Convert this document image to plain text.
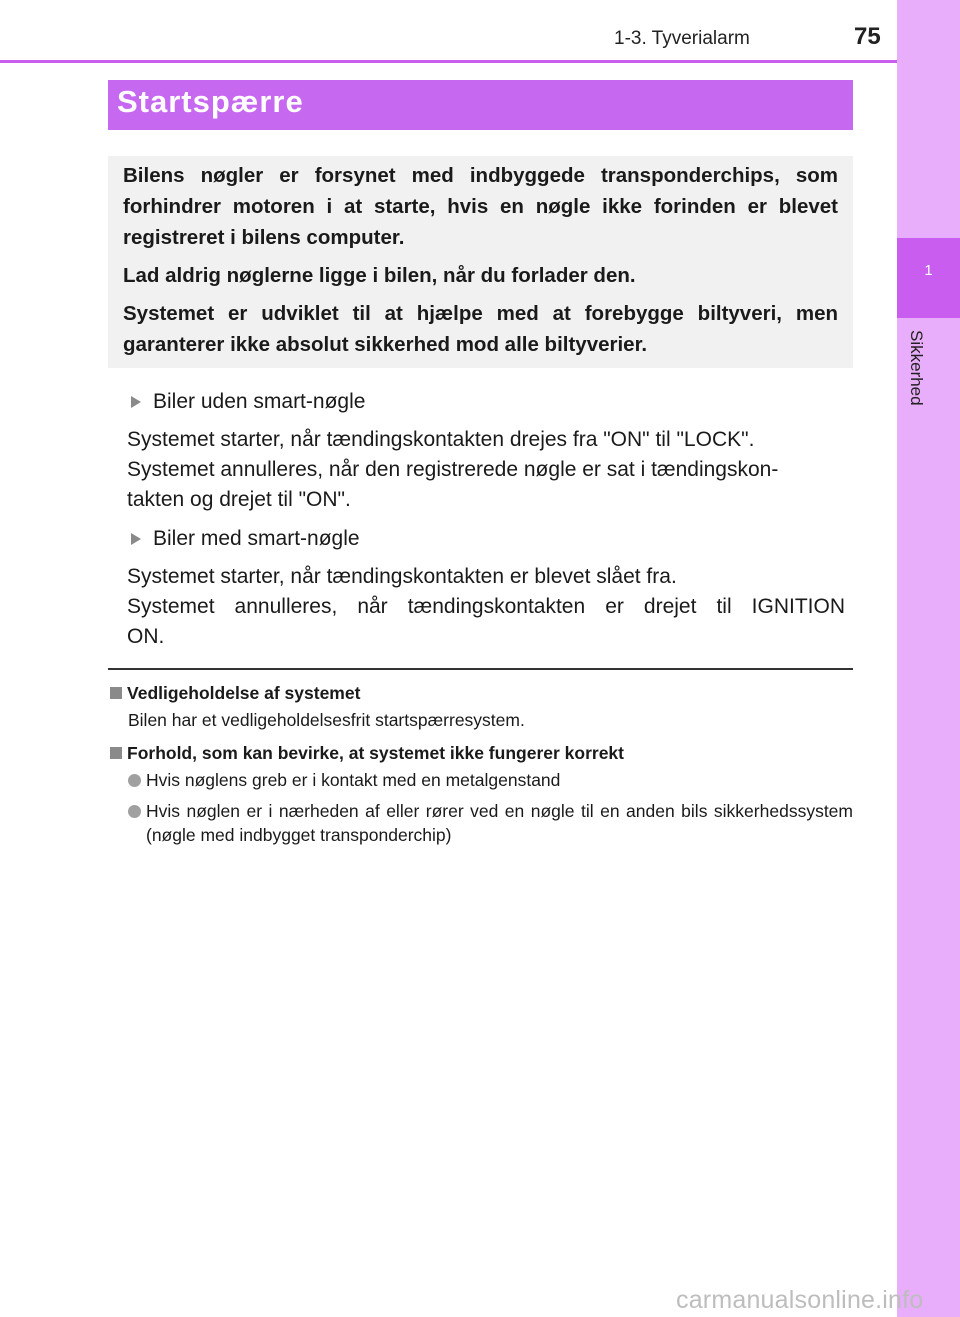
1
Sikkerhed
1-3. Tyverialarm	75
Startspærre

Bilens nøgler er forsynet med indbyggede transponderchips, som forhindrer motoren i at starte, hvis en nøgle ikke forinden er blevet registreret i bilens computer.

Lad aldrig nøglerne ligge i bilen, når du forlader den.

Systemet er udviklet til at hjælpe med at forebygge biltyveri, men garanterer ikke absolut sikkerhed mod alle biltyverier.

Biler uden smart-nøgle
Systemet starter, når tændingskontakten drejes fra "ON" til "LOCK".
Systemet annulleres, når den registrerede nøgle er sat i tændingskon-
takten og drejet til "ON".
Biler med smart-nøgle
Systemet starter, når tændingskontakten er blevet slået fra.
Systemet annulleres, når tændingskontakten er drejet til IGNITION
ON.
Vedligeholdelse af systemet
Bilen har et vedligeholdelsesfrit startspærresystem.
Forhold, som kan bevirke, at systemet ikke fungerer korrekt
Hvis nøglens greb er i kontakt med en metalgenstand
Hvis nøglen er i nærheden af eller rører ved en nøgle til en anden bils sikkerhedssystem (nøgle med indbygget transponderchip)
carmanualsonline.info
